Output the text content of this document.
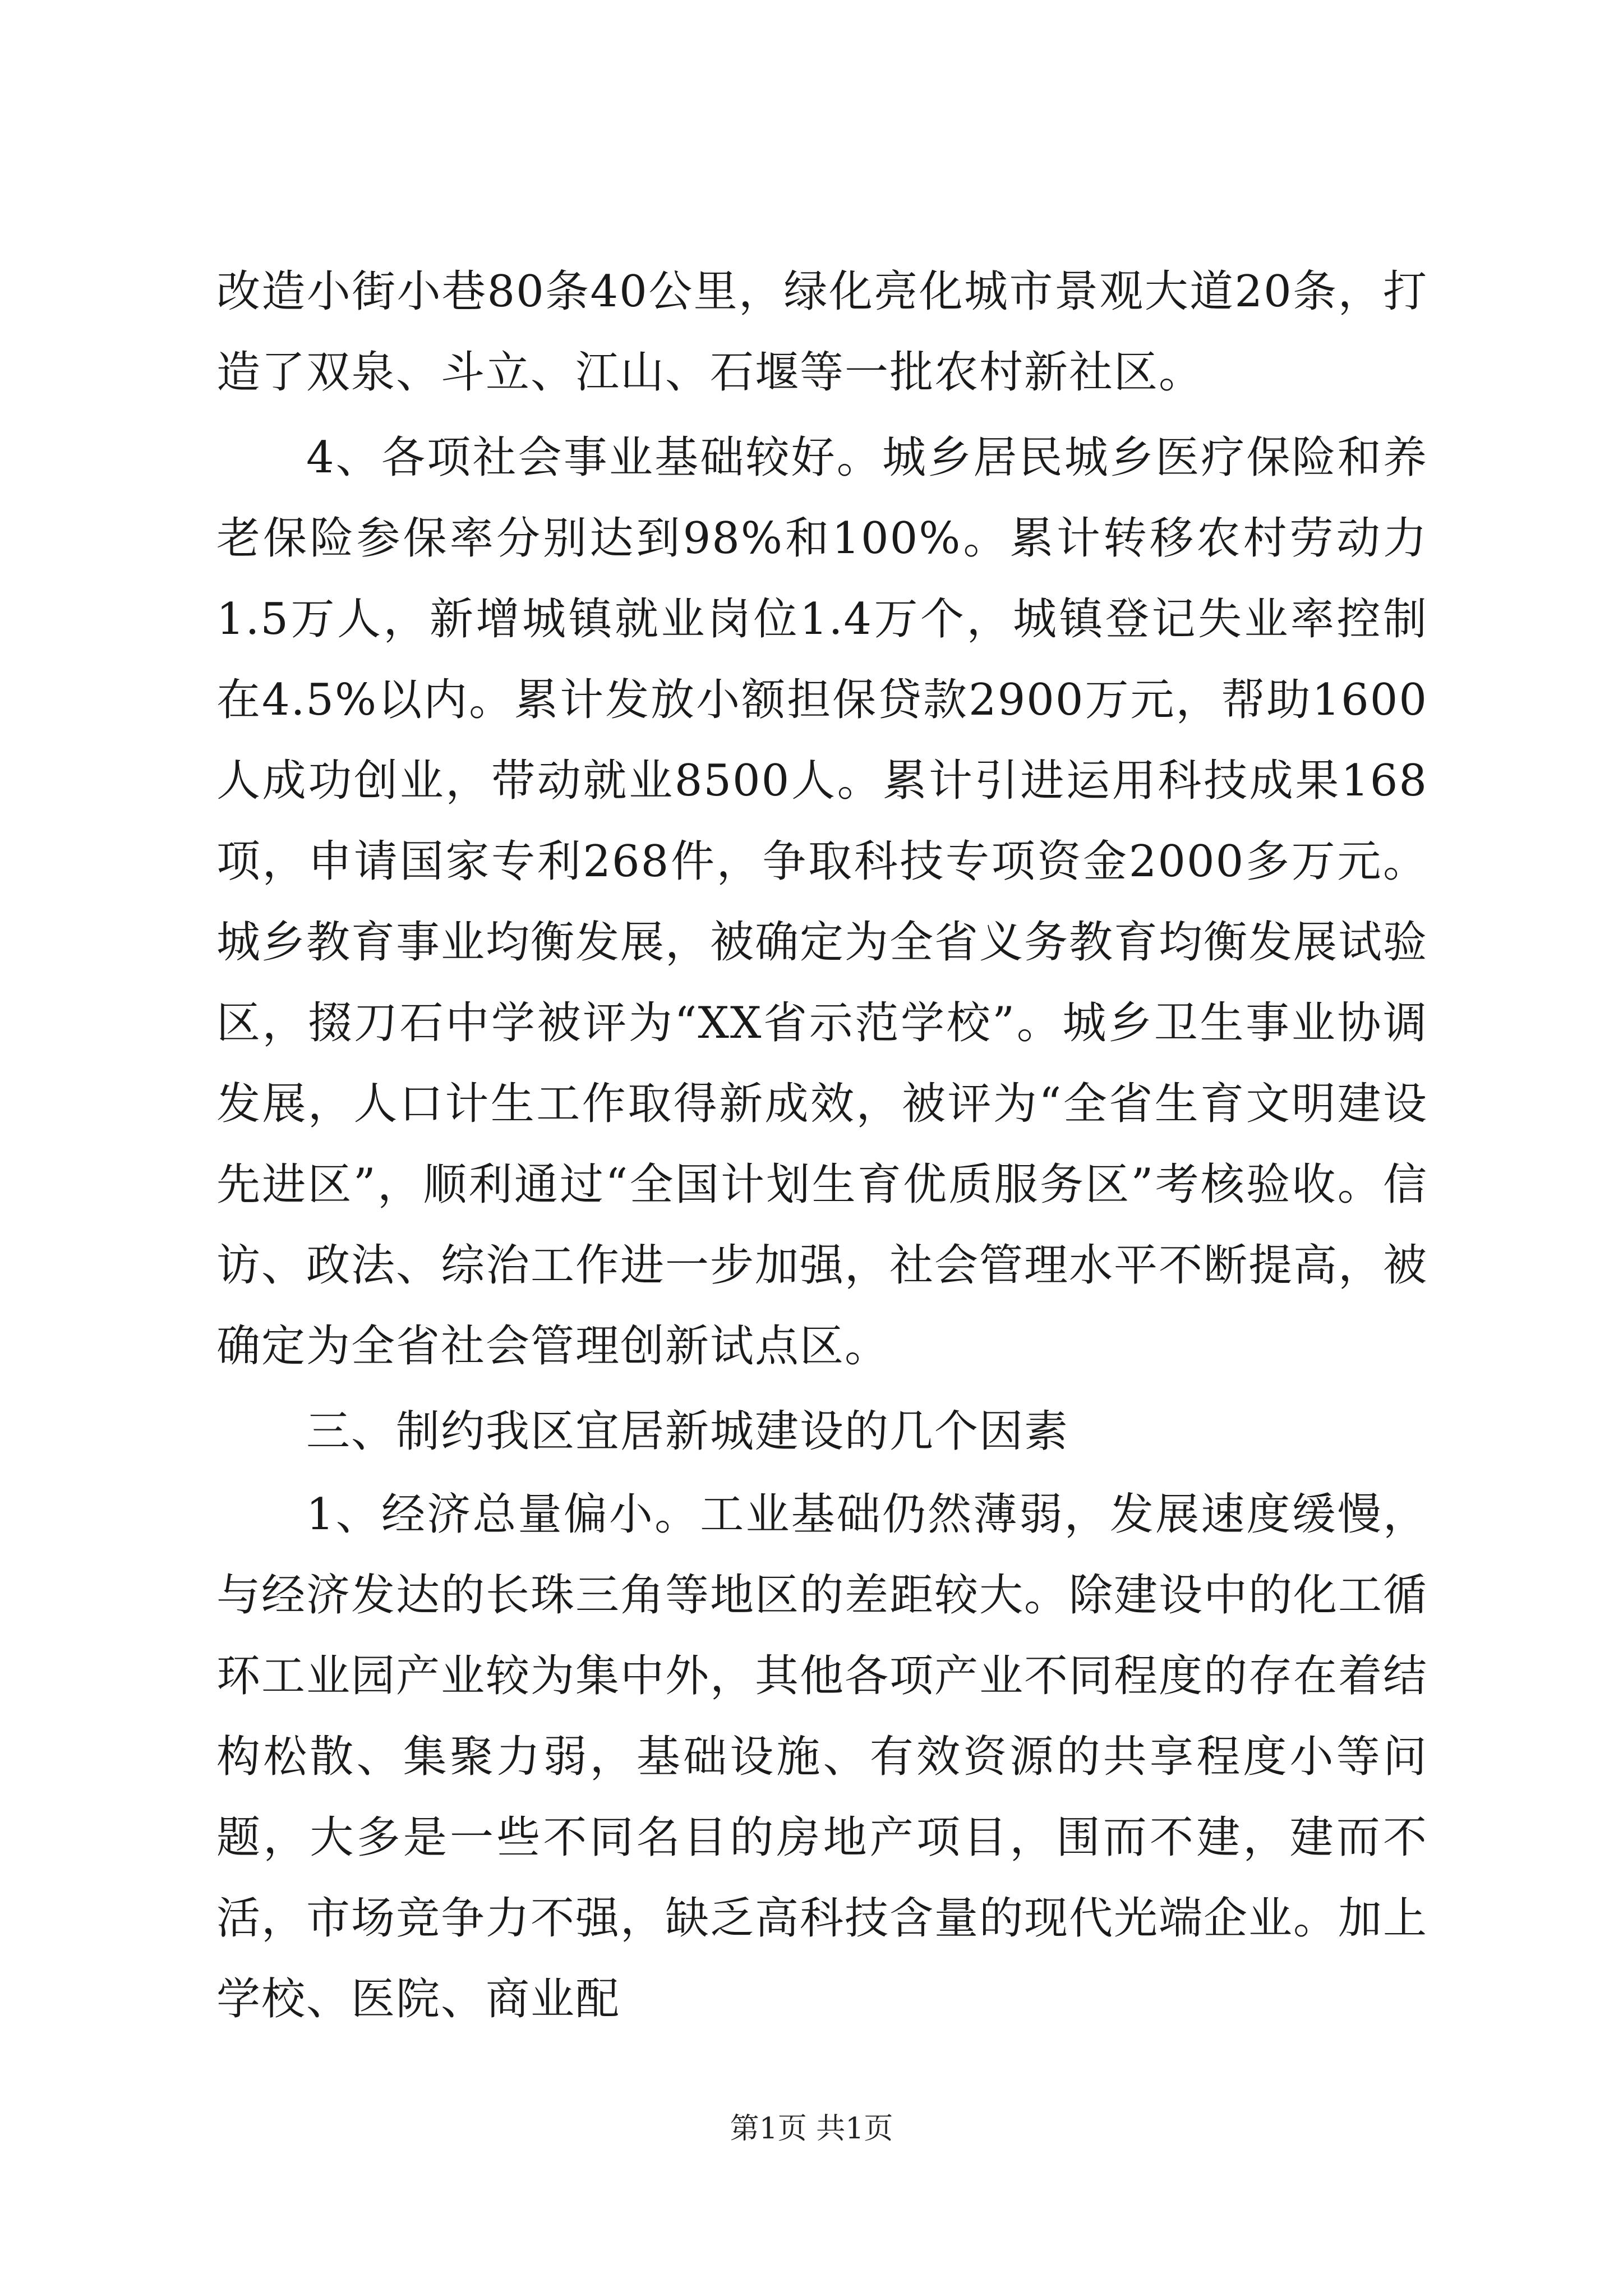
改造小街小巷80条40公里，绿化亮化城市景观大道20条，打造了双泉、斗立、江山、石堰等一批农村新社区。

4、各项社会事业基础较好。城乡居民城乡医疗保险和养老保险参保率分别达到98%和100%。累计转移农村劳动力1.5万人，新增城镇就业岗位1.4万个，城镇登记失业率控制在4.5%以内。累计发放小额担保贷款2900万元，帮助1600人成功创业，带动就业8500人。累计引进运用科技成果168项，申请国家专利268件，争取科技专项资金2000多万元。城乡教育事业均衡发展，被确定为全省义务教育均衡发展试验区，掇刀石中学被评为“XX省示范学校”。城乡卫生事业协调发展，人口计生工作取得新成效，被评为“全省生育文明建设先进区”，顺利通过“全国计划生育优质服务区”考核验收。信访、政法、综治工作进一步加强，社会管理水平不断提高，被确定为全省社会管理创新试点区。

三、制约我区宜居新城建设的几个因素

1、经济总量偏小。工业基础仍然薄弱，发展速度缓慢，与经济发达的长珠三角等地区的差距较大。除建设中的化工循环工业园产业较为集中外，其他各项产业不同程度的存在着结构松散、集聚力弱，基础设施、有效资源的共享程度小等问题，大多是一些不同名目的房地产项目，围而不建，建而不活，市场竞争力不强，缺乏高科技含量的现代光端企业。加上学校、医院、商业配

第1页 共1页
